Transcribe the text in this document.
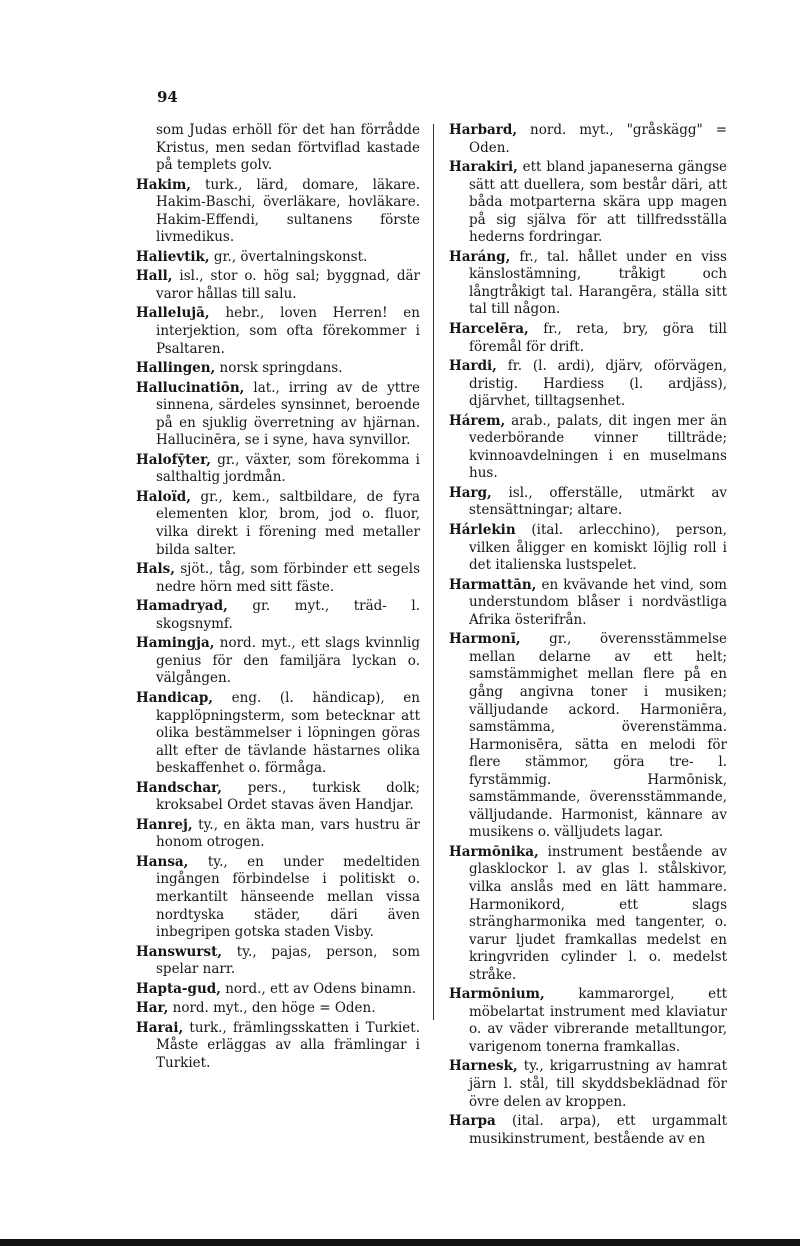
94

som Judas erhöll för det han förrådde Kristus, men sedan förtviflad kastade på templets golv.

Hakim, turk., lärd, domare, läkare. Hakim-Baschi, överläkare, hovläkare. Hakim-Effendi, sultanens förste livmedikus.

Halievtik, gr., övertalningskonst.

Hall, isl., stor o. hög sal; byggnad, där varor hållas till salu.

Hallelujā, hebr., loven Herren! en interjektion, som ofta förekommer i Psaltaren.

Hallingen, norsk springdans.

Hallucinatiōn, lat., irring av de yttre sinnena, särdeles synsinnet, beroende på en sjuklig överretning av hjärnan. Hallucinēra, se i syne, hava synvillor.

Halofȳter, gr., växter, som förekomma i salthaltig jordmån.

Haloïd, gr., kem., saltbildare, de fyra elementen klor, brom, jod o. fluor, vilka direkt i förening med metaller bilda salter.

Hals, sjöt., tåg, som förbinder ett segels nedre hörn med sitt fäste.

Hamadryad, gr. myt., träd- l. skogsnymf.

Hamingja, nord. myt., ett slags kvinnlig genius för den familjära lyckan o. välgången.

Handicap, eng. (l. händicap), en kapplöpningsterm, som betecknar att olika bestämmelser i löpningen göras allt efter de tävlande hästarnes olika beskaffenhet o. förmåga.

Handschar, pers., turkisk dolk; kroksabel Ordet stavas även Handjar.

Hanrej, ty., en äkta man, vars hustru är honom otrogen.

Hansa, ty., en under medeltiden ingången förbindelse i politiskt o. merkantilt hänseende mellan vissa nordtyska städer, däri även inbegripen gotska staden Visby.

Hanswurst, ty., pajas, person, som spelar narr.

Hapta-gud, nord., ett av Odens binamn.

Har, nord. myt., den höge = Oden.

Harai, turk., främlingsskatten i Turkiet. Måste erläggas av alla främlingar i Turkiet.

Harbard, nord. myt., "gråskägg" = Oden.

Harakiri, ett bland japaneserna gängse sätt att duellera, som består däri, att båda motparterna skära upp magen på sig själva för att tillfredsställa hederns fordringar.

Haráng, fr., tal. hållet under en viss känslostämning, tråkigt och långtråkigt tal. Harangēra, ställa sitt tal till någon.

Harcelēra, fr., reta, bry, göra till föremål för drift.

Hardi, fr. (l. ardi), djärv, oförvägen, dristig. Hardiess (l. ardjäss), djärvhet, tilltagsenhet.

Hárem, arab., palats, dit ingen mer än vederbörande vinner tillträde; kvinnoavdelningen i en muselmans hus.

Harg, isl., offerställe, utmärkt av stensättningar; altare.

Hárlekin (ital. arlecchino), person, vilken åligger en komiskt löjlig roll i det italienska lustspelet.

Harmattān, en kvävande het vind, som understundom blåser i nordvästliga Afrika österifrån.

Harmonī, gr., överensstämmelse mellan delarne av ett helt; samstämmighet mellan flere på en gång angivna toner i musiken; välljudande ackord. Harmoniēra, samstämma, överenstämma. Harmonisēra, sätta en melodi för flere stämmor, göra tre- l. fyrstämmig. Harmōnisk, samstämmande, överensstämmande, välljudande. Harmonist, kännare av musikens o. välljudets lagar.

Harmōnika, instrument bestående av glasklockor l. av glas l. stålskivor, vilka anslås med en lätt hammare. Harmonikord, ett slags strängharmonika med tangenter, o. varur ljudet framkallas medelst en kringvriden cylinder l. o. medelst stråke.

Harmōnium, kammarorgel, ett möbelartat instrument med klaviatur o. av väder vibrerande metalltungor, varigenom tonerna framkallas.

Harnesk, ty., krigarrustning av hamrat järn l. stål, till skyddsbeklädnad för övre delen av kroppen.

Harpa (ital. arpa), ett urgammalt musikinstrument, bestående av en
